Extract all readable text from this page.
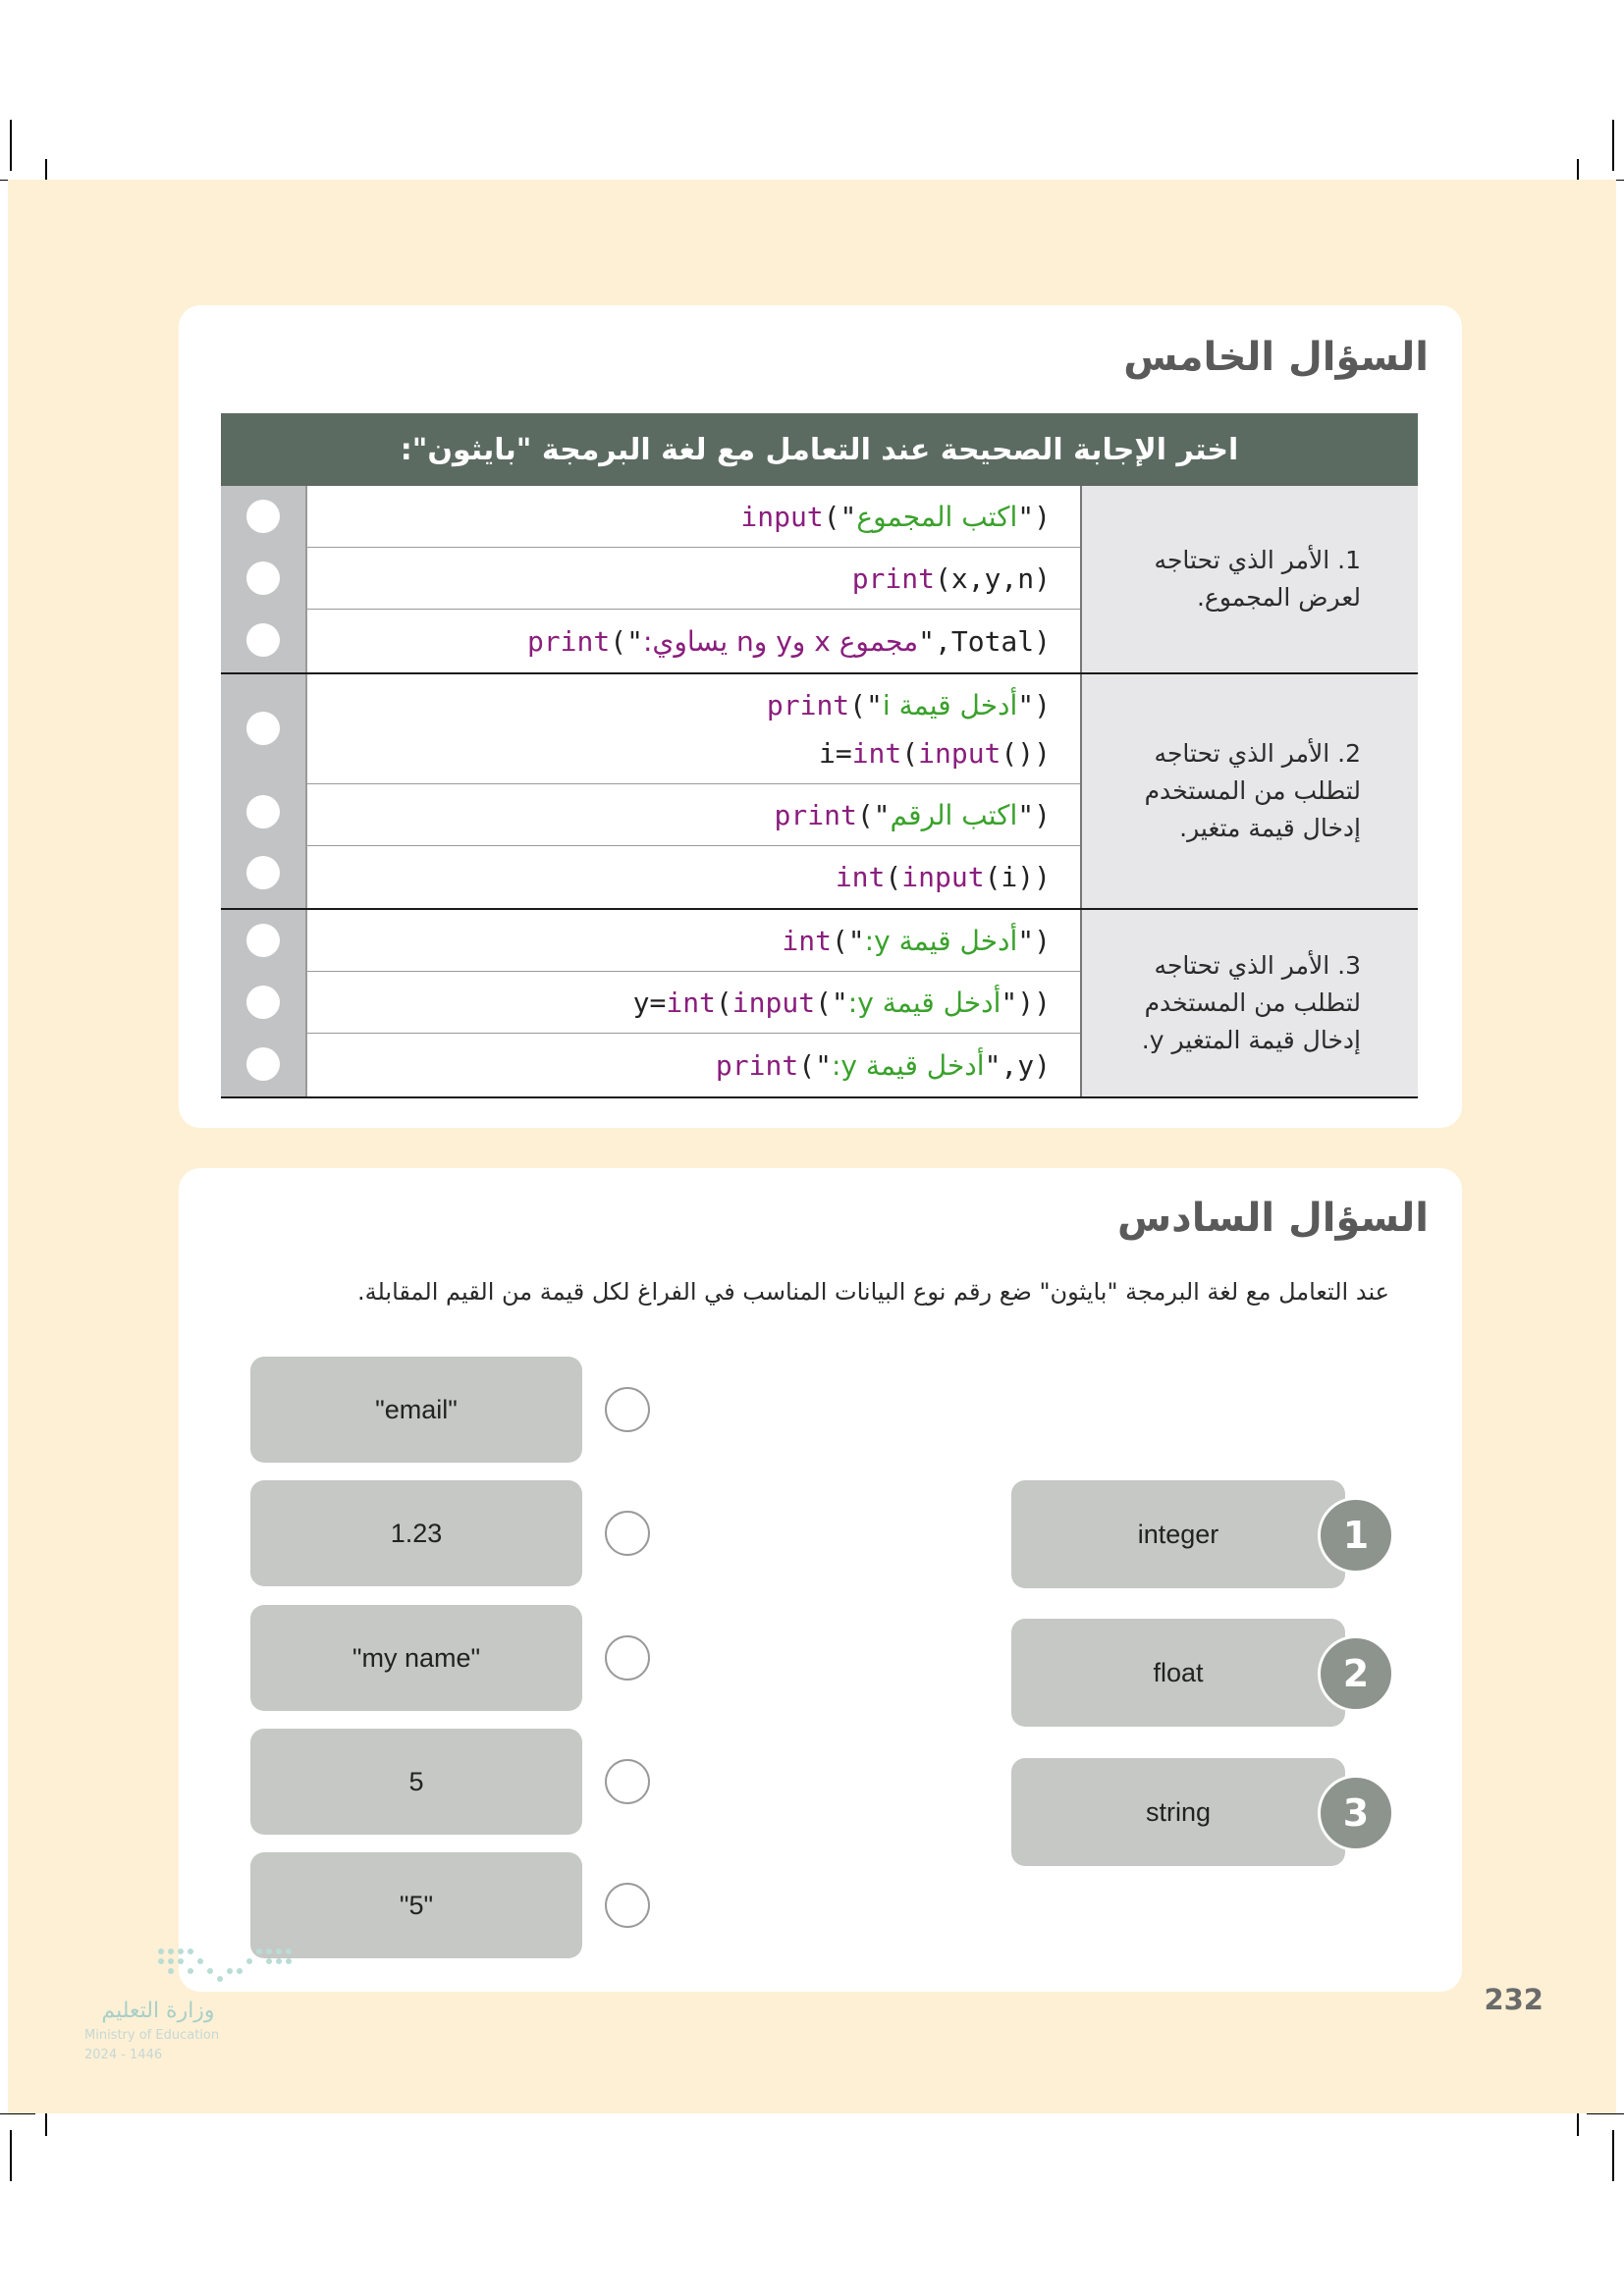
السؤال الخامس
اختر الإجابة الصحيحة عند التعامل مع لغة البرمجة "بايثون":
input (" اكتب المجموع ")
print (x,y,n)
print (" مجموع x وy وn يساوي: ",Total)
1. الأمر الذي تحتاجه لعرض المجموع.
print("أدخل قيمة i")
i=int(input())
print (" اكتب الرقم ")
int ( input (i))
2. الأمر الذي تحتاجه لتطلب من المستخدم إدخال قيمة متغير.
int (" أدخل قيمة y: ")
y= int ( input (" أدخل قيمة y: "))
print (" أدخل قيمة y: ",y)
3. الأمر الذي تحتاجه لتطلب من المستخدم إدخال قيمة المتغير y.
السؤال السادس
عند التعامل مع لغة البرمجة "بايثون" ضع رقم نوع البيانات المناسب في الفراغ لكل قيمة من القيم المقابلة.
"email"
1.23
"my name"
5
"5"
integer	1
float	2
string	3
232
وزارة التعليم
Ministry of Education
2024 - 1446
